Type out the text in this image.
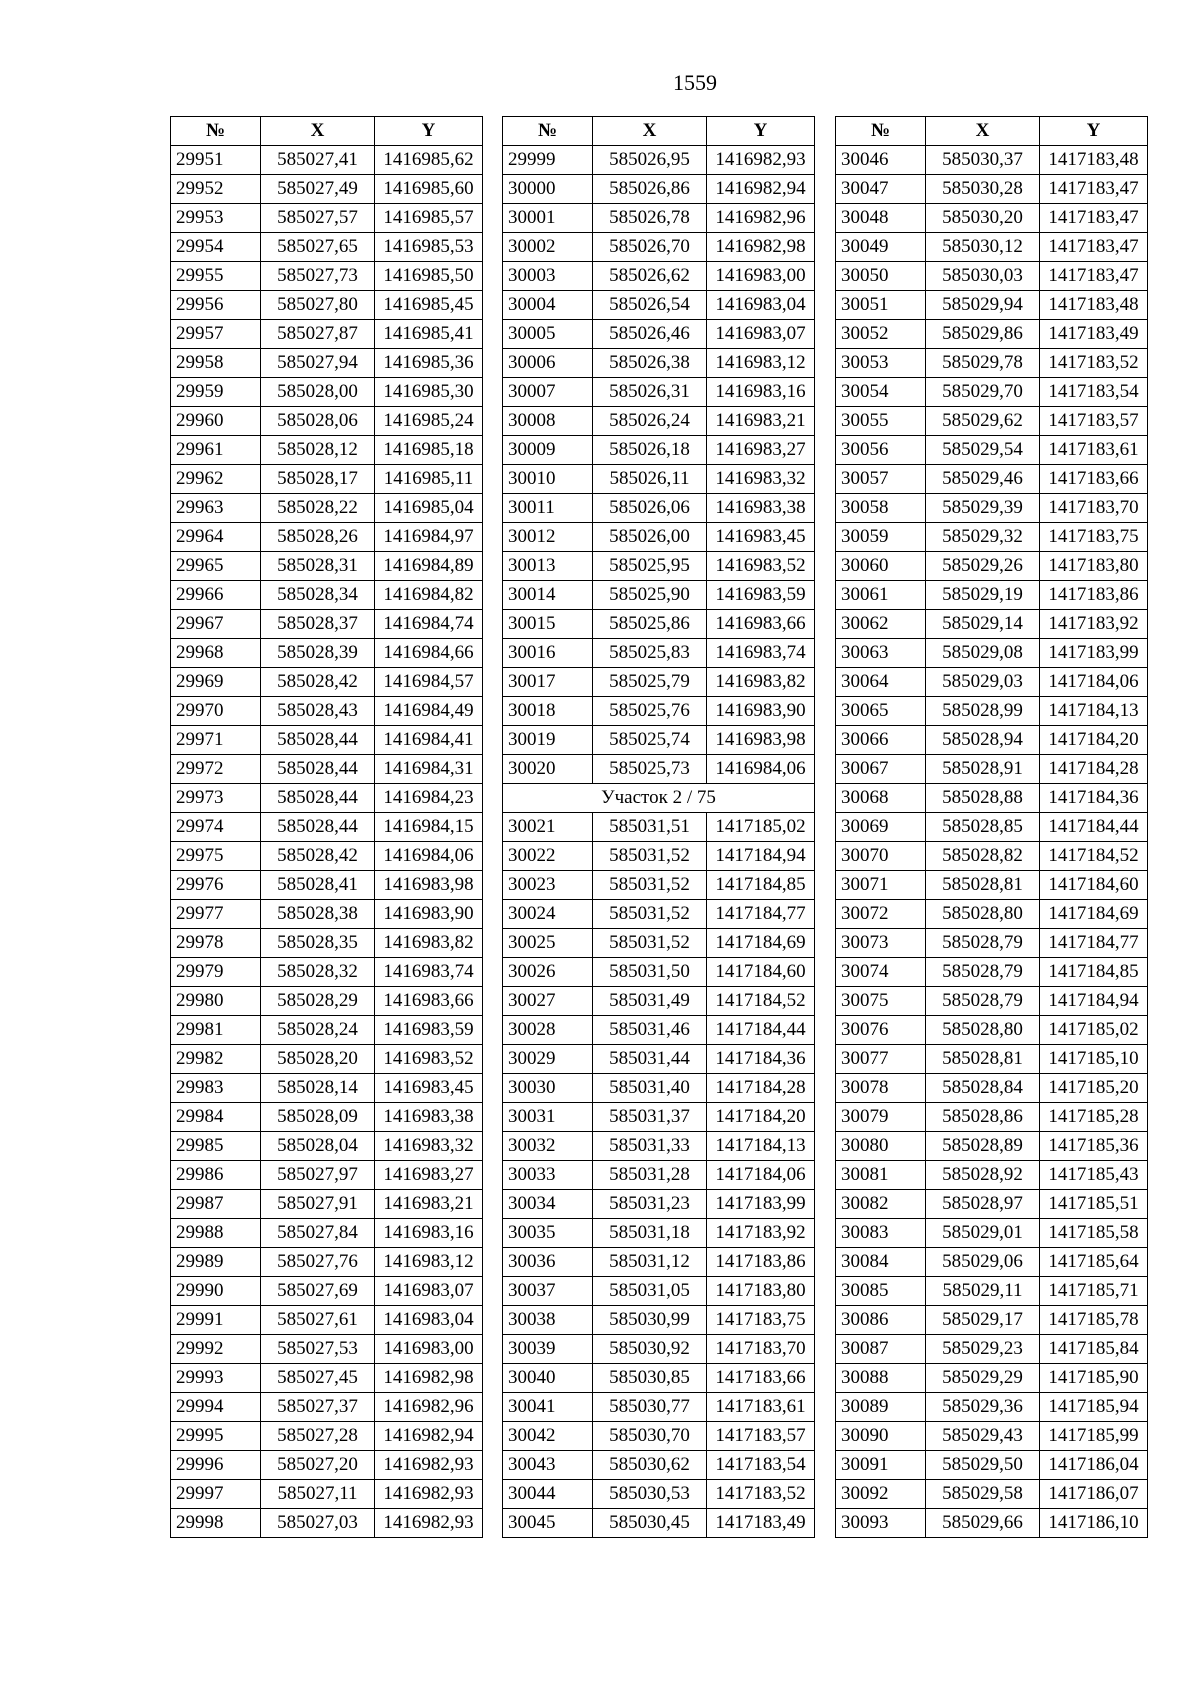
1559
№	X	Y
29951	585027,41	1416985,62
29952	585027,49	1416985,60
29953	585027,57	1416985,57
29954	585027,65	1416985,53
29955	585027,73	1416985,50
29956	585027,80	1416985,45
29957	585027,87	1416985,41
29958	585027,94	1416985,36
29959	585028,00	1416985,30
29960	585028,06	1416985,24
29961	585028,12	1416985,18
29962	585028,17	1416985,11
29963	585028,22	1416985,04
29964	585028,26	1416984,97
29965	585028,31	1416984,89
29966	585028,34	1416984,82
29967	585028,37	1416984,74
29968	585028,39	1416984,66
29969	585028,42	1416984,57
29970	585028,43	1416984,49
29971	585028,44	1416984,41
29972	585028,44	1416984,31
29973	585028,44	1416984,23
29974	585028,44	1416984,15
29975	585028,42	1416984,06
29976	585028,41	1416983,98
29977	585028,38	1416983,90
29978	585028,35	1416983,82
29979	585028,32	1416983,74
29980	585028,29	1416983,66
29981	585028,24	1416983,59
29982	585028,20	1416983,52
29983	585028,14	1416983,45
29984	585028,09	1416983,38
29985	585028,04	1416983,32
29986	585027,97	1416983,27
29987	585027,91	1416983,21
29988	585027,84	1416983,16
29989	585027,76	1416983,12
29990	585027,69	1416983,07
29991	585027,61	1416983,04
29992	585027,53	1416983,00
29993	585027,45	1416982,98
29994	585027,37	1416982,96
29995	585027,28	1416982,94
29996	585027,20	1416982,93
29997	585027,11	1416982,93
29998	585027,03	1416982,93
№	X	Y
29999	585026,95	1416982,93
30000	585026,86	1416982,94
30001	585026,78	1416982,96
30002	585026,70	1416982,98
30003	585026,62	1416983,00
30004	585026,54	1416983,04
30005	585026,46	1416983,07
30006	585026,38	1416983,12
30007	585026,31	1416983,16
30008	585026,24	1416983,21
30009	585026,18	1416983,27
30010	585026,11	1416983,32
30011	585026,06	1416983,38
30012	585026,00	1416983,45
30013	585025,95	1416983,52
30014	585025,90	1416983,59
30015	585025,86	1416983,66
30016	585025,83	1416983,74
30017	585025,79	1416983,82
30018	585025,76	1416983,90
30019	585025,74	1416983,98
30020	585025,73	1416984,06
Участок 2 / 75		
30021	585031,51	1417185,02
30022	585031,52	1417184,94
30023	585031,52	1417184,85
30024	585031,52	1417184,77
30025	585031,52	1417184,69
30026	585031,50	1417184,60
30027	585031,49	1417184,52
30028	585031,46	1417184,44
30029	585031,44	1417184,36
30030	585031,40	1417184,28
30031	585031,37	1417184,20
30032	585031,33	1417184,13
30033	585031,28	1417184,06
30034	585031,23	1417183,99
30035	585031,18	1417183,92
30036	585031,12	1417183,86
30037	585031,05	1417183,80
30038	585030,99	1417183,75
30039	585030,92	1417183,70
30040	585030,85	1417183,66
30041	585030,77	1417183,61
30042	585030,70	1417183,57
30043	585030,62	1417183,54
30044	585030,53	1417183,52
30045	585030,45	1417183,49
№	X	Y
30046	585030,37	1417183,48
30047	585030,28	1417183,47
30048	585030,20	1417183,47
30049	585030,12	1417183,47
30050	585030,03	1417183,47
30051	585029,94	1417183,48
30052	585029,86	1417183,49
30053	585029,78	1417183,52
30054	585029,70	1417183,54
30055	585029,62	1417183,57
30056	585029,54	1417183,61
30057	585029,46	1417183,66
30058	585029,39	1417183,70
30059	585029,32	1417183,75
30060	585029,26	1417183,80
30061	585029,19	1417183,86
30062	585029,14	1417183,92
30063	585029,08	1417183,99
30064	585029,03	1417184,06
30065	585028,99	1417184,13
30066	585028,94	1417184,20
30067	585028,91	1417184,28
30068	585028,88	1417184,36
30069	585028,85	1417184,44
30070	585028,82	1417184,52
30071	585028,81	1417184,60
30072	585028,80	1417184,69
30073	585028,79	1417184,77
30074	585028,79	1417184,85
30075	585028,79	1417184,94
30076	585028,80	1417185,02
30077	585028,81	1417185,10
30078	585028,84	1417185,20
30079	585028,86	1417185,28
30080	585028,89	1417185,36
30081	585028,92	1417185,43
30082	585028,97	1417185,51
30083	585029,01	1417185,58
30084	585029,06	1417185,64
30085	585029,11	1417185,71
30086	585029,17	1417185,78
30087	585029,23	1417185,84
30088	585029,29	1417185,90
30089	585029,36	1417185,94
30090	585029,43	1417185,99
30091	585029,50	1417186,04
30092	585029,58	1417186,07
30093	585029,66	1417186,10
